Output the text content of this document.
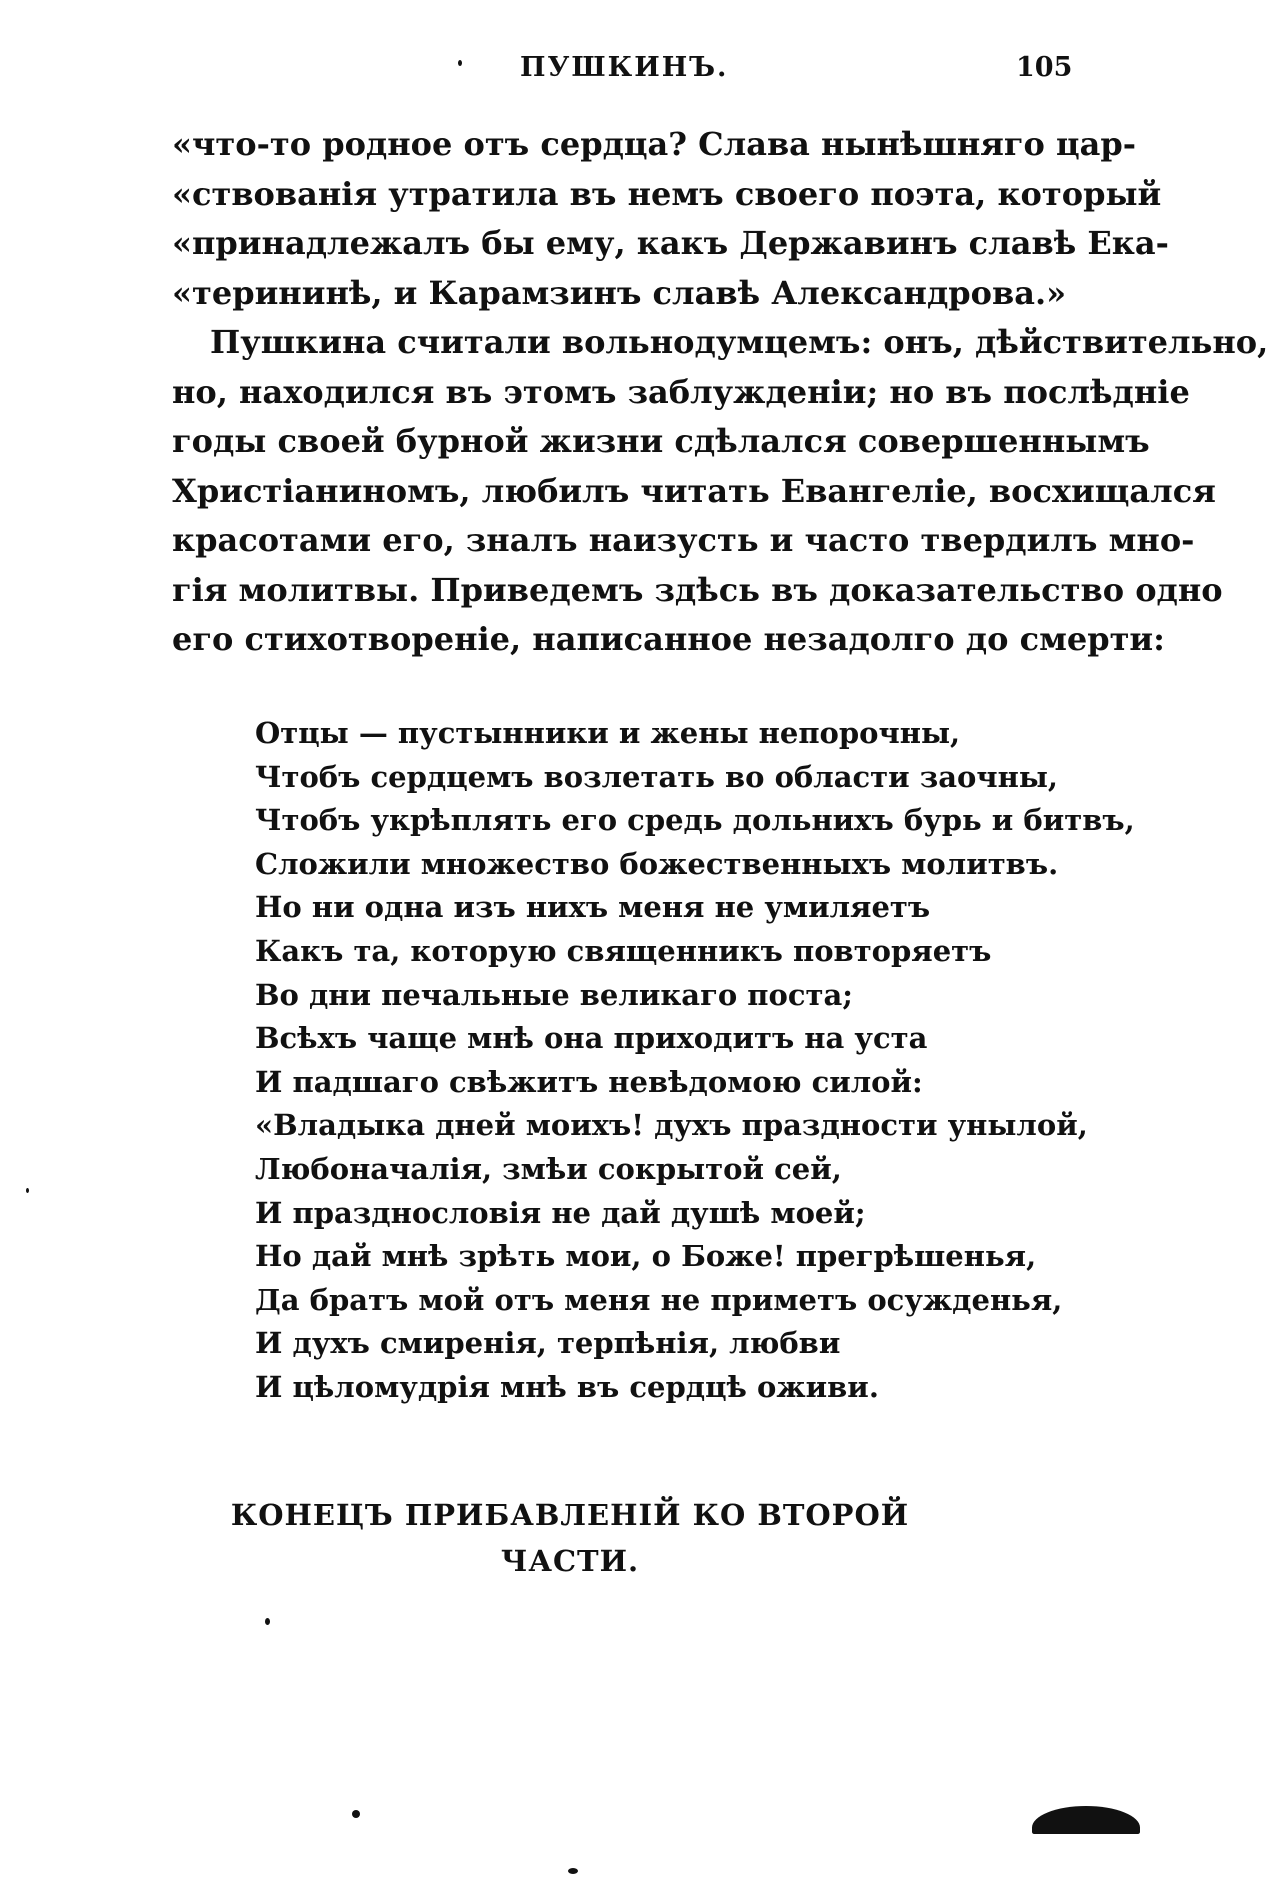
ПУШКИНЪ.	105
«что-то родное отъ сердца? Слава нынѣшняго цар-
«ствованія утратила въ немъ своего поэта, который
«принадлежалъ бы ему, какъ Державинъ славѣ Ека-
«терининѣ, и Карамзинъ славѣ Александрова.»
Пушкина считали вольнодумцемъ: онъ, дѣйствительно,
но, находился въ этомъ заблужденіи; но въ послѣдніе
годы своей бурной жизни сдѣлался совершеннымъ
Христіаниномъ, любилъ читать Евангеліе, восхищался
красотами его, зналъ наизусть и часто твердилъ мно-
гія молитвы. Приведемъ здѣсь въ доказательство одно
его стихотвореніе, написанное незадолго до смерти:
Отцы — пустынники и жены непорочны,
Чтобъ сердцемъ возлетать во области заочны,
Чтобъ укрѣплять его средь дольнихъ бурь и битвъ,
Сложили множество божественныхъ молитвъ.
Но ни одна изъ нихъ меня не умиляетъ
Какъ та, которую священникъ повторяетъ
Во дни печальные великаго поста;
Всѣхъ чаще мнѣ она приходитъ на уста
И падшаго свѣжитъ невѣдомою силой:
«Владыка дней моихъ! духъ праздности унылой,
Любоначалія, змѣи сокрытой сей,
И празднословія не дай душѣ моей;
Но дай мнѣ зрѣть мои, о Боже! прегрѣшенья,
Да братъ мой отъ меня не приметъ осужденья,
И духъ смиренія, терпѣнія, любви
И цѣломудрія мнѣ въ сердцѣ оживи.
КОНЕЦЪ ПРИБАВЛЕНІЙ КО ВТОРОЙ
ЧАСТИ.
